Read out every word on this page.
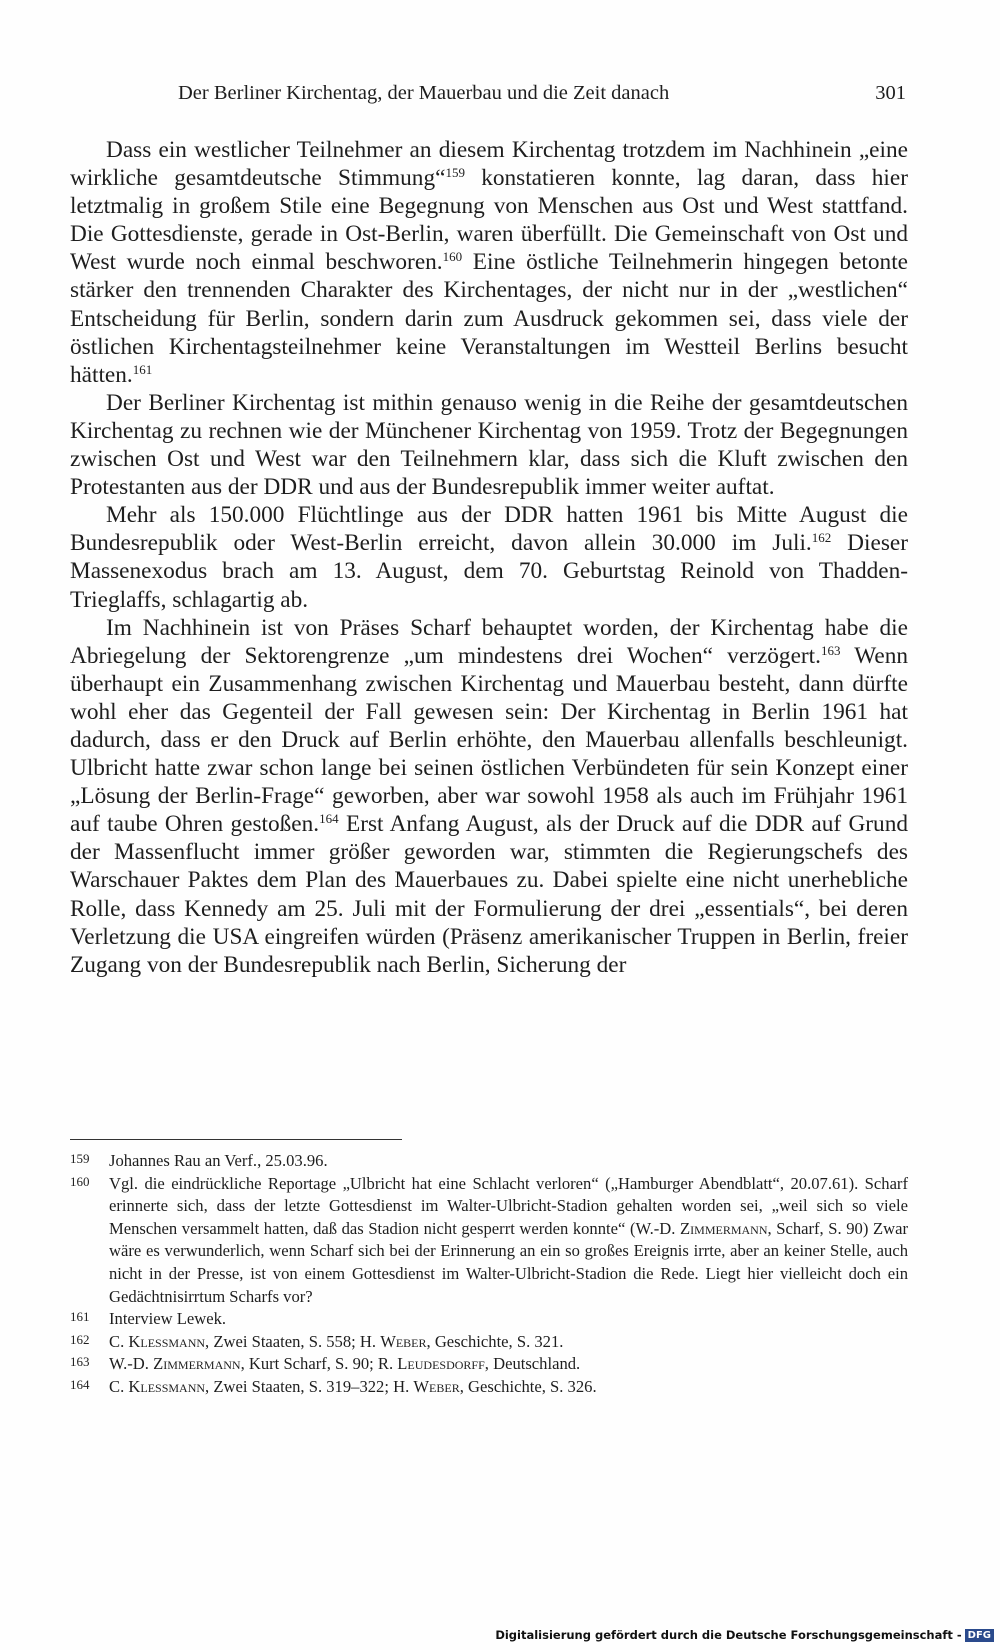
Der Berliner Kirchentag, der Mauerbau und die Zeit danach	301

Dass ein westlicher Teilnehmer an diesem Kirchentag trotzdem im Nachhinein „eine wirkliche gesamtdeutsche Stimmung“$^{159}$ konstatieren konnte, lag daran, dass hier letztmalig in großem Stile eine Begegnung von Menschen aus Ost und West stattfand. Die Gottesdienste, gerade in Ost-Berlin, waren überfüllt. Die Gemeinschaft von Ost und West wurde noch einmal beschworen.$^{160}$ Eine östliche Teilnehmerin hingegen betonte stärker den trennenden Charakter des Kirchentages, der nicht nur in der „westlichen“ Entscheidung für Berlin, sondern darin zum Ausdruck gekommen sei, dass viele der östlichen Kirchentagsteilnehmer keine Veranstaltungen im Westteil Berlins besucht hätten.$^{161}$

Der Berliner Kirchentag ist mithin genauso wenig in die Reihe der gesamtdeutschen Kirchentag zu rechnen wie der Münchener Kirchentag von 1959. Trotz der Begegnungen zwischen Ost und West war den Teilnehmern klar, dass sich die Kluft zwischen den Protestanten aus der DDR und aus der Bundesrepublik immer weiter auftat.

Mehr als 150.000 Flüchtlinge aus der DDR hatten 1961 bis Mitte August die Bundesrepublik oder West-Berlin erreicht, davon allein 30.000 im Juli.$^{162}$ Dieser Massenexodus brach am 13. August, dem 70. Geburtstag Reinold von Thadden-Trieglaffs, schlagartig ab.

Im Nachhinein ist von Präses Scharf behauptet worden, der Kirchentag habe die Abriegelung der Sektorengrenze „um mindestens drei Wochen“ verzögert.$^{163}$ Wenn überhaupt ein Zusammenhang zwischen Kirchentag und Mauerbau besteht, dann dürfte wohl eher das Gegenteil der Fall gewesen sein: Der Kirchentag in Berlin 1961 hat dadurch, dass er den Druck auf Berlin erhöhte, den Mauerbau allenfalls beschleunigt. Ulbricht hatte zwar schon lange bei seinen östlichen Verbündeten für sein Konzept einer „Lösung der Berlin-Frage“ geworben, aber war sowohl 1958 als auch im Frühjahr 1961 auf taube Ohren gestoßen.$^{164}$ Erst Anfang August, als der Druck auf die DDR auf Grund der Massenflucht immer größer geworden war, stimmten die Regierungschefs des Warschauer Paktes dem Plan des Mauerbaues zu. Dabei spielte eine nicht unerhebliche Rolle, dass Kennedy am 25. Juli mit der Formulierung der drei „essentials“, bei deren Verletzung die USA eingreifen würden (Präsenz amerikanischer Truppen in Berlin, freier Zugang von der Bundesrepublik nach Berlin, Sicherung der

159 Johannes Rau an Verf., 25.03.96.
160 Vgl. die eindrückliche Reportage „Ulbricht hat eine Schlacht verloren“ („Hamburger Abendblatt“, 20.07.61). Scharf erinnerte sich, dass der letzte Gottesdienst im Walter-Ulbricht-Stadion gehalten worden sei, „weil sich so viele Menschen versammelt hatten, daß das Stadion nicht gesperrt werden konnte“ (W.-D. Zimmermann, Scharf, S. 90) Zwar wäre es verwunderlich, wenn Scharf sich bei der Erinnerung an ein so großes Ereignis irrte, aber an keiner Stelle, auch nicht in der Presse, ist von einem Gottesdienst im Walter-Ulbricht-Stadion die Rede. Liegt hier vielleicht doch ein Gedächtnisirrtum Scharfs vor?
161 Interview Lewek.
162 C. Klessmann, Zwei Staaten, S. 558; H. Weber, Geschichte, S. 321.
163 W.-D. Zimmermann, Kurt Scharf, S. 90; R. Leudesdorff, Deutschland.
164 C. Klessmann, Zwei Staaten, S. 319–322; H. Weber, Geschichte, S. 326.
Digitalisierung gefördert durch die Deutsche Forschungsgemeinschaft - DFG
